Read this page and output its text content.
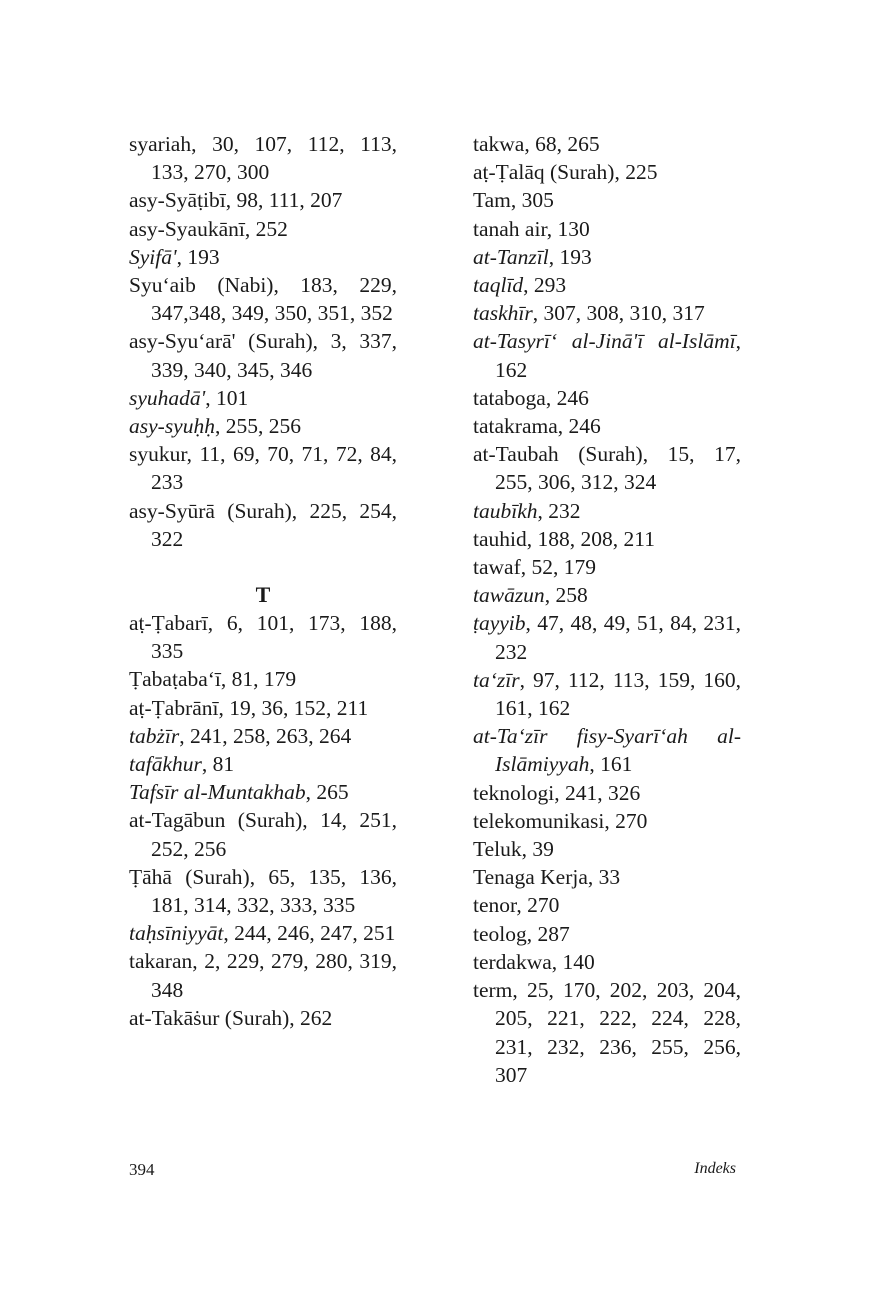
syariah, 30, 107, 112, 113, 133, 270, 300
asy-Syāṭibī, 98, 111, 207
asy-Syaukānī, 252
Syifā', 193
Syu‘aib (Nabi), 183, 229, 347,348, 349, 350, 351, 352
asy-Syu‘arā' (Surah), 3, 337, 339, 340, 345, 346
syuhadā', 101
asy-syuḥḥ, 255, 256
syukur, 11, 69, 70, 71, 72, 84, 233
asy-Syūrā (Surah), 225, 254, 322
T
aṭ-Ṭabarī, 6, 101, 173, 188, 335
Ṭabaṭaba‘ī, 81, 179
aṭ-Ṭabrānī, 19, 36, 152, 211
tabżīr, 241, 258, 263, 264
tafākhur, 81
Tafsīr al-Muntakhab, 265
at-Tagābun (Surah), 14, 251, 252, 256
Ṭāhā (Surah), 65, 135, 136, 181, 314, 332, 333, 335
taḥsīniyyāt, 244, 246, 247, 251
takaran, 2, 229, 279, 280, 319, 348
at-Takāṡur (Surah), 262
takwa, 68, 265
aṭ-Ṭalāq (Surah), 225
Tam, 305
tanah air, 130
at-Tanzīl, 193
taqlīd, 293
taskhīr, 307, 308, 310, 317
at-Tasyrī‘ al-Jinā'ī al-Islāmī, 162
tataboga, 246
tatakrama, 246
at-Taubah (Surah), 15, 17, 255, 306, 312, 324
taubīkh, 232
tauhid, 188, 208, 211
tawaf, 52, 179
tawāzun, 258
ṭayyib, 47, 48, 49, 51, 84, 231, 232
ta‘zīr, 97, 112, 113, 159, 160, 161, 162
at-Ta‘zīr fisy-Syarī‘ah al-Islāmiyyah, 161
teknologi, 241, 326
telekomunikasi, 270
Teluk, 39
Tenaga Kerja, 33
tenor, 270
teolog, 287
terdakwa, 140
term, 25, 170, 202, 203, 204, 205, 221, 222, 224, 228, 231, 232, 236, 255, 256, 307
394	Indeks
